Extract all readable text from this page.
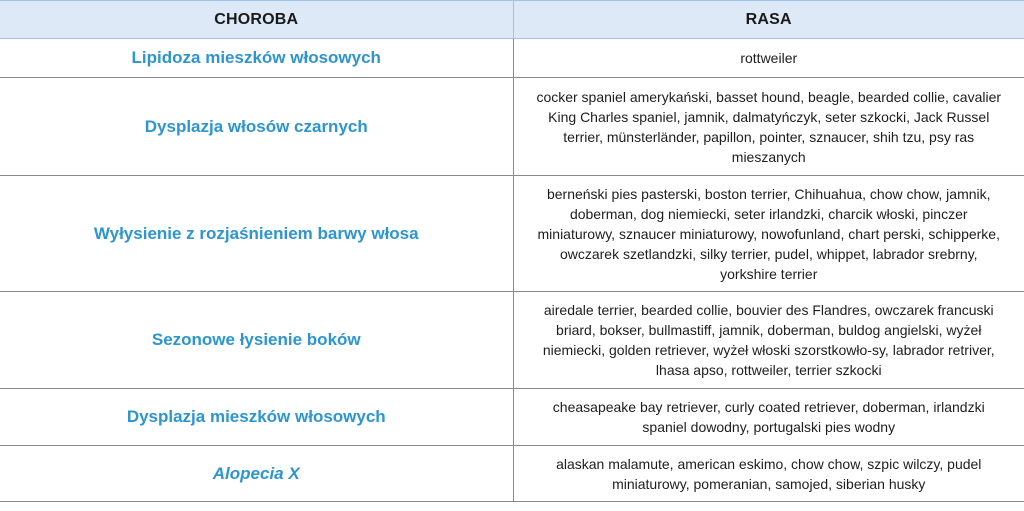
CHOROBA	RASA
Lipidoza mieszków włosowych	rottweiler
Dysplazja włosów czarnych	cocker spaniel amerykański, basset hound, beagle, bearded collie, cavalier King Charles spaniel, jamnik, dalmatyńczyk, seter szkocki, Jack Russel terrier, münsterländer, papillon, pointer, sznaucer, shih tzu, psy ras mieszanych
Wyłysienie z rozjaśnieniem barwy włosa	berneński pies pasterski, boston terrier, Chihuahua, chow chow, jamnik, doberman, dog niemiecki, seter irlandzki, charcik włoski, pinczer miniaturowy, sznaucer miniaturowy, nowofunland, chart perski, schipperke, owczarek szetlandzki, silky terrier, pudel, whippet, labrador srebrny, yorkshire terrier
Sezonowe łysienie boków	airedale terrier, bearded collie, bouvier des Flandres, owczarek francuski briard, bokser, bullmastiff, jamnik, doberman, buldog angielski, wyżeł niemiecki, golden retriever, wyżeł włoski szorstkowło-sy, labrador retriver, lhasa apso, rottweiler, terrier szkocki
Dysplazja mieszków włosowych	cheasapeake bay retriever, curly coated retriever, doberman, irlandzki spaniel dowodny, portugalski pies wodny
Alopecia X	alaskan malamute, american eskimo, chow chow, szpic wilczy, pudel miniaturowy, pomeranian, samojed, siberian husky
